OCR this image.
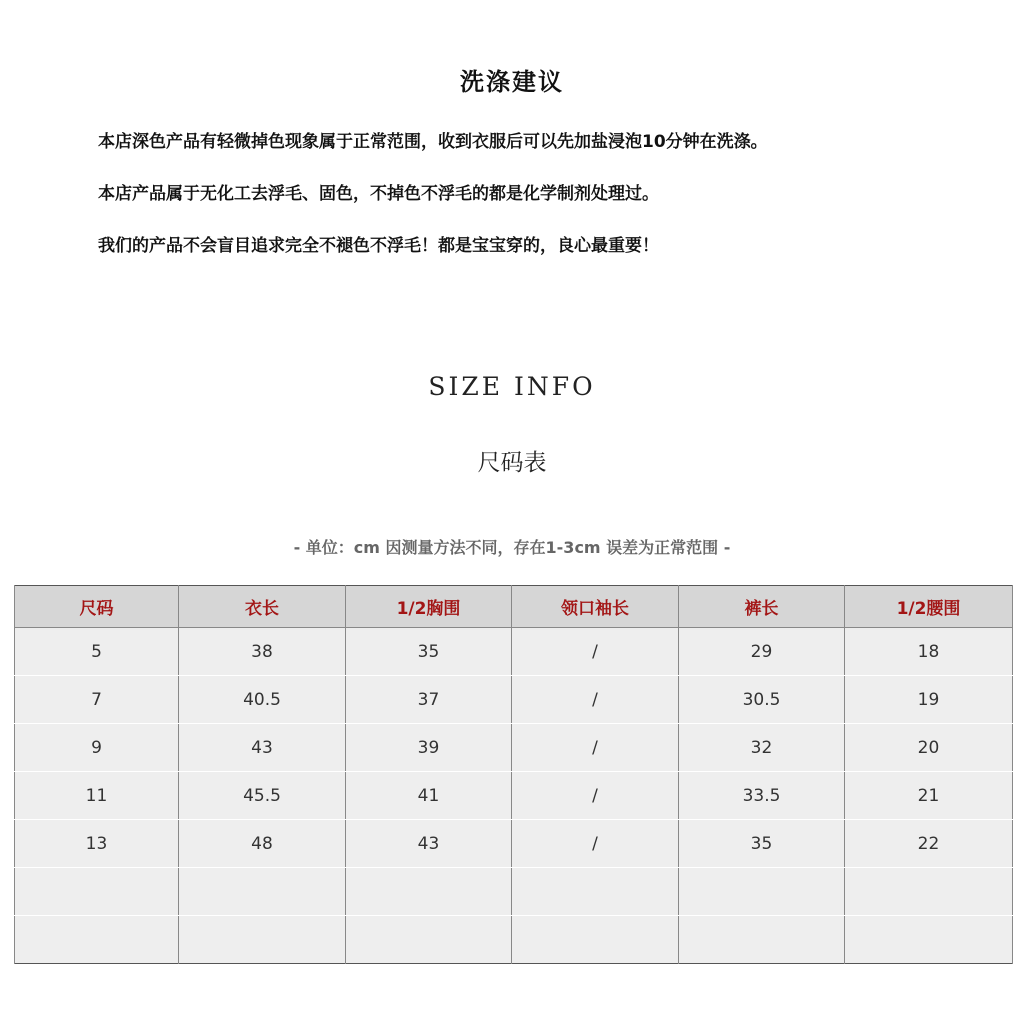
洗涤建议
本店深色产品有轻微掉色现象属于正常范围，收到衣服后可以先加盐浸泡10分钟在洗涤。
本店产品属于无化工去浮毛、固色，不掉色不浮毛的都是化学制剂处理过。
我们的产品不会盲目追求完全不褪色不浮毛！都是宝宝穿的，良心最重要！
SIZE INFO
尺码表
- 单位：cm 因测量方法不同，存在1-3cm 误差为正常范围 -
尺码	衣长	1/2胸围	领口袖长	裤长	1/2腰围
5	38	35	/	29	18
7	40.5	37	/	30.5	19
9	43	39	/	32	20
11	45.5	41	/	33.5	21
13	48	43	/	35	22
